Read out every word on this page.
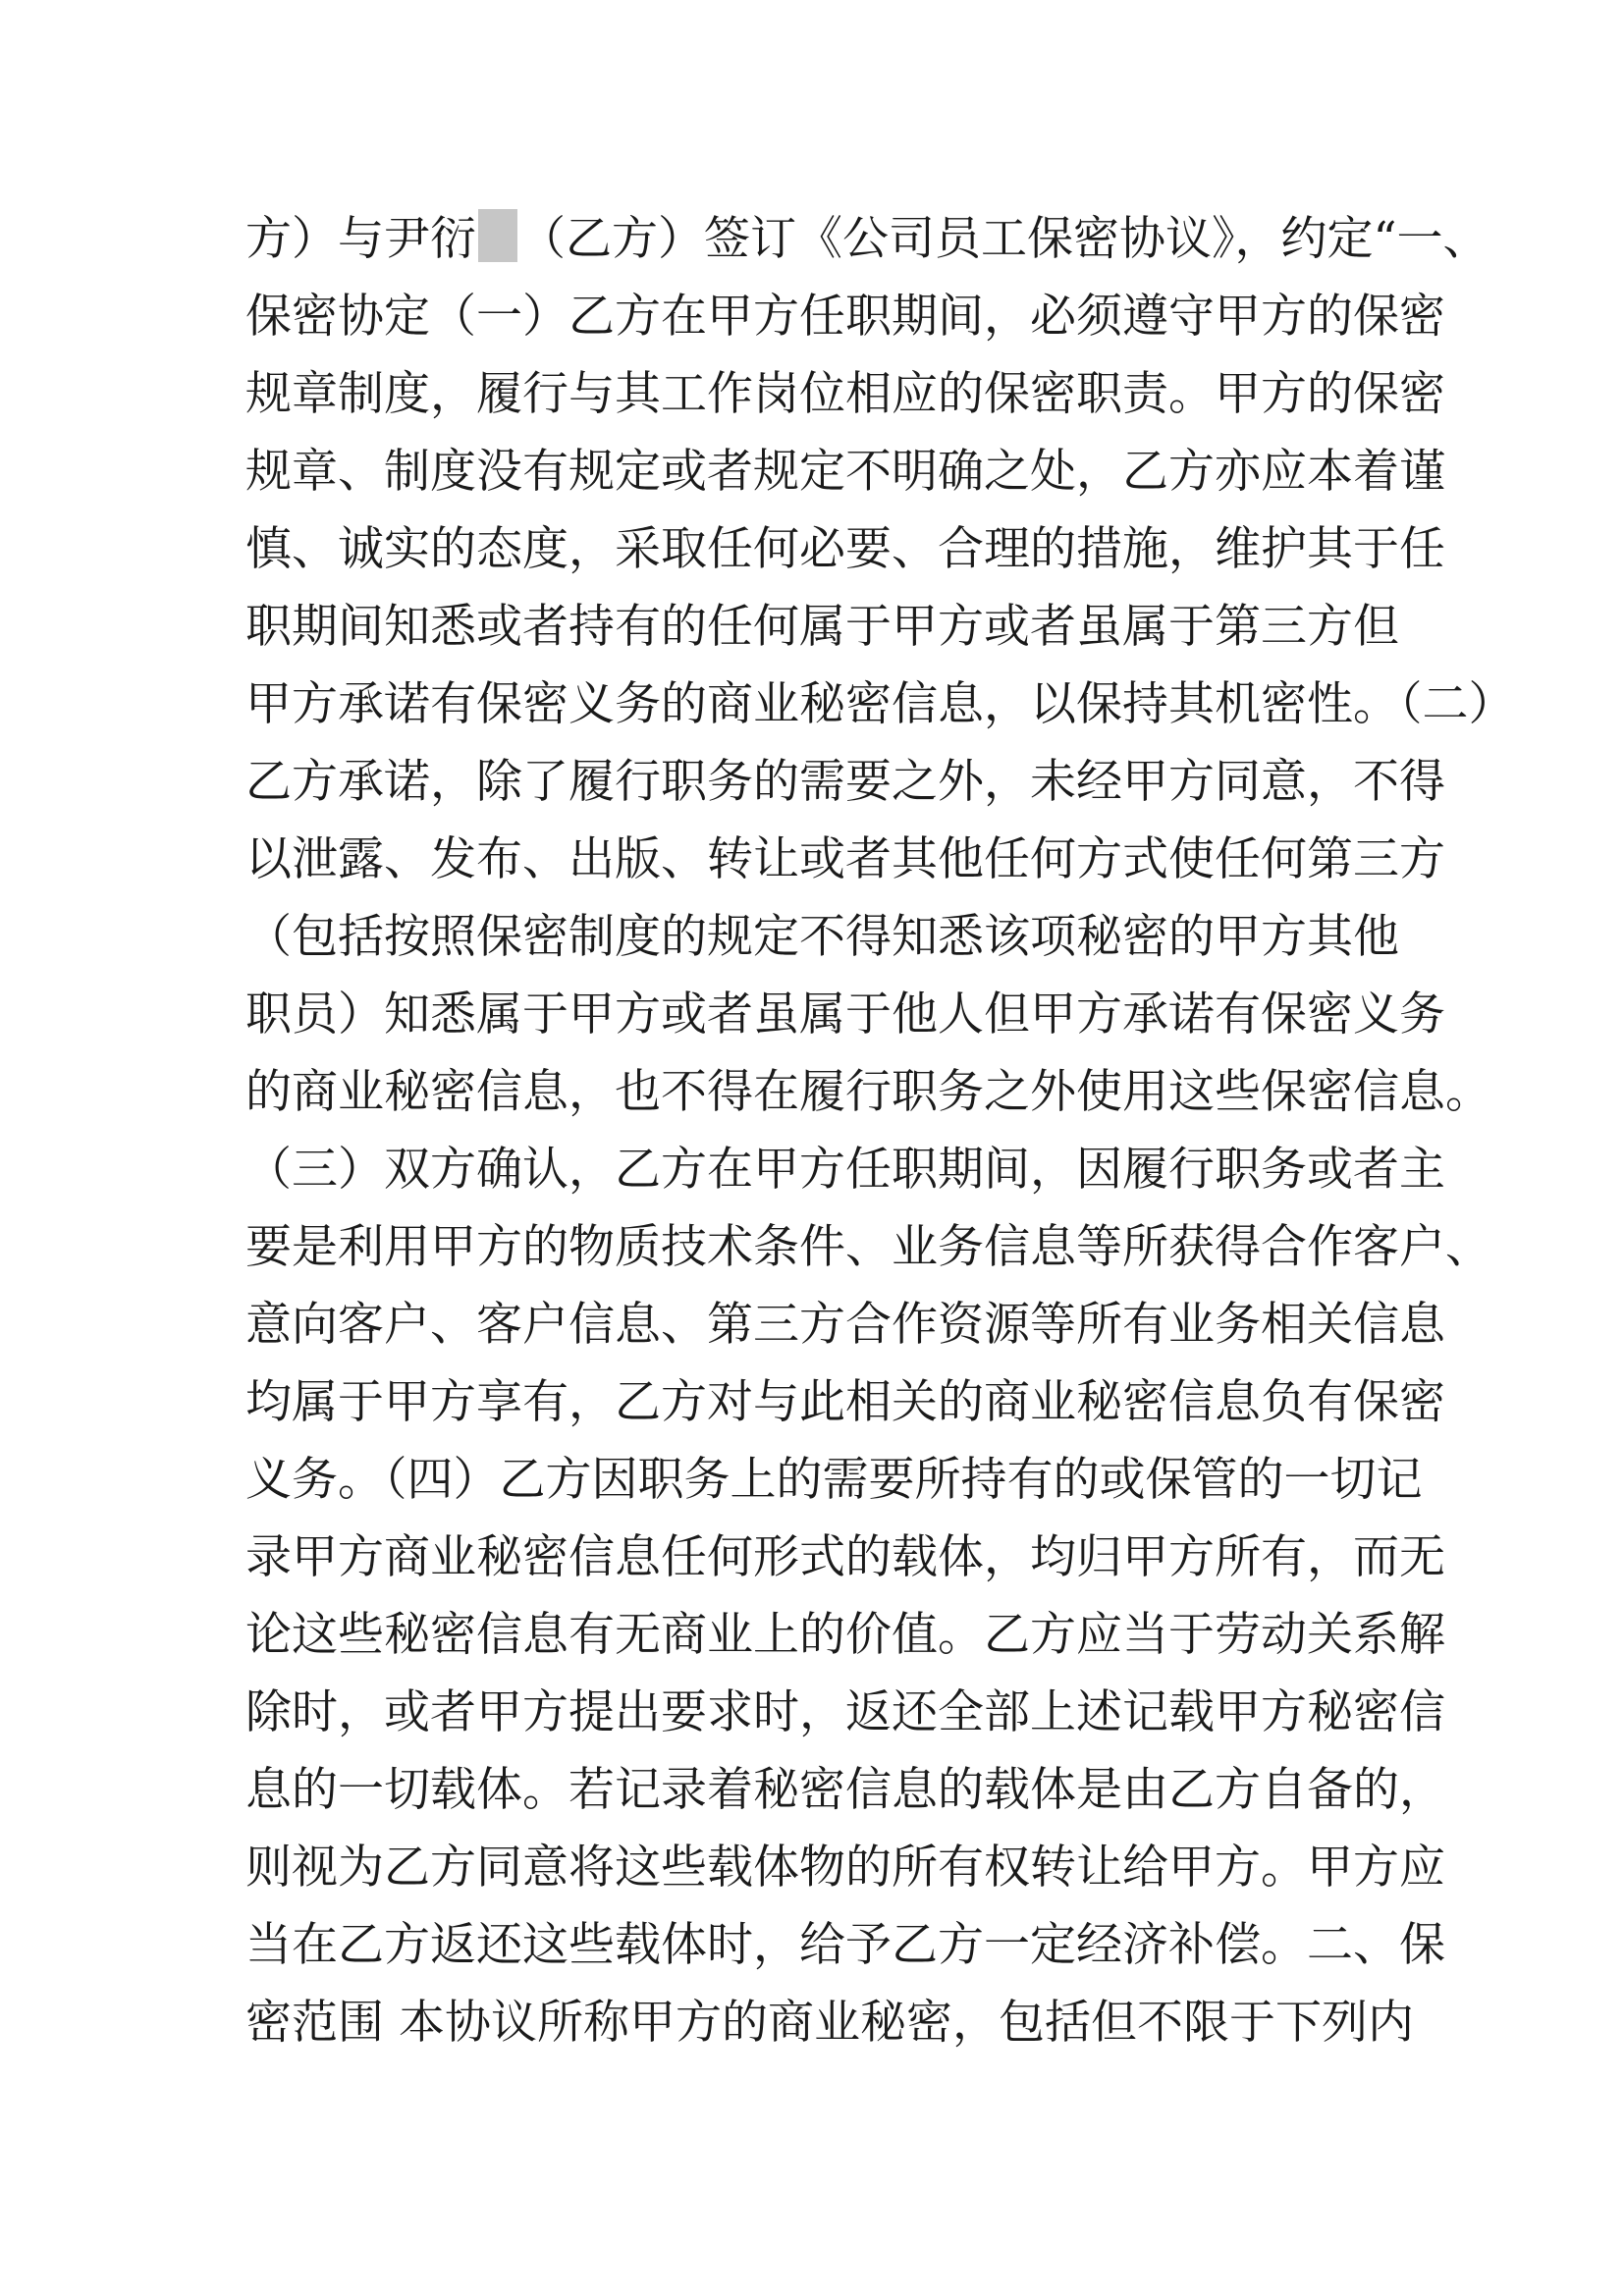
方）与尹衍 （乙方）签订《公司员工保密协议》，约定“一、
保密协定（一）乙方在甲方任职期间，必须遵守甲方的保密
规章制度，履行与其工作岗位相应的保密职责。甲方的保密
规章、制度没有规定或者规定不明确之处，乙方亦应本着谨
慎、诚实的态度，采取任何必要、合理的措施，维护其于任
职期间知悉或者持有的任何属于甲方或者虽属于第三方但
甲方承诺有保密义务的商业秘密信息，以保持其机密性。（二）
乙方承诺，除了履行职务的需要之外，未经甲方同意，不得
以泄露、发布、出版、转让或者其他任何方式使任何第三方
（包括按照保密制度的规定不得知悉该项秘密的甲方其他
职员）知悉属于甲方或者虽属于他人但甲方承诺有保密义务
的商业秘密信息，也不得在履行职务之外使用这些保密信息。
（三）双方确认，乙方在甲方任职期间，因履行职务或者主
要是利用甲方的物质技术条件、业务信息等所获得合作客户、
意向客户、客户信息、第三方合作资源等所有业务相关信息
均属于甲方享有，乙方对与此相关的商业秘密信息负有保密
义务。（四）乙方因职务上的需要所持有的或保管的一切记
录甲方商业秘密信息任何形式的载体，均归甲方所有，而无
论这些秘密信息有无商业上的价值。乙方应当于劳动关系解
除时，或者甲方提出要求时，返还全部上述记载甲方秘密信
息的一切载体。若记录着秘密信息的载体是由乙方自备的，
则视为乙方同意将这些载体物的所有权转让给甲方。甲方应
当在乙方返还这些载体时，给予乙方一定经济补偿。二、保
密范围 本协议所称甲方的商业秘密，包括但不限于下列内
